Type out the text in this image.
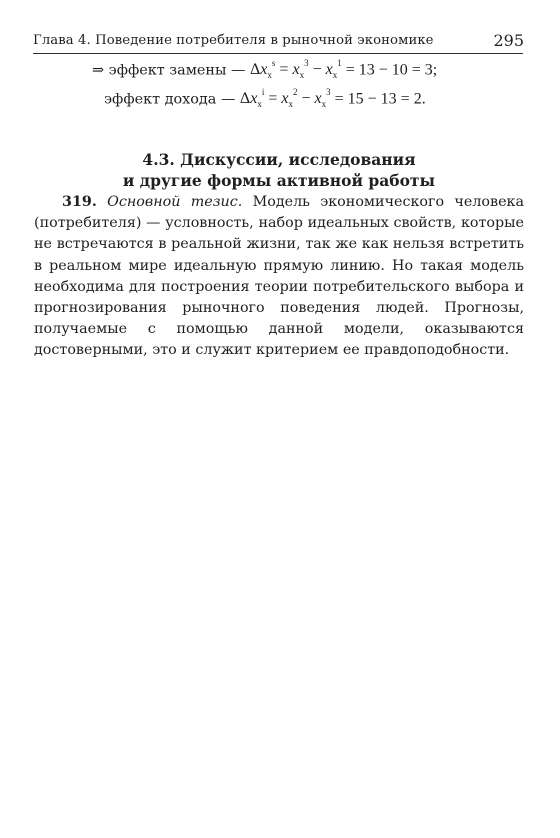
Глава 4. Поведение потребителя в рыночной экономике	295
⇒ эффект замены — $\Delta x_x^s = x_x^3 - x_x^1 = 13 - 10 = 3$;
эффект дохода — $\Delta x_x^i = x_x^2 - x_x^3 = 15 - 13 = 2$.
4.3. Дискуссии, исследования
и другие формы активной работы

319. Основной тезис. Модель экономического человека (потребителя) — условность, набор идеальных свойств, которые не встречаются в реальной жизни, так же как нельзя встретить в реальном мире идеальную прямую линию. Но такая модель необходима для построения теории потребительского выбора и прогнозирования рыночного поведения людей. Прогнозы, получаемые с помощью данной модели, оказываются достоверными, это и служит критерием ее правдоподобности.
